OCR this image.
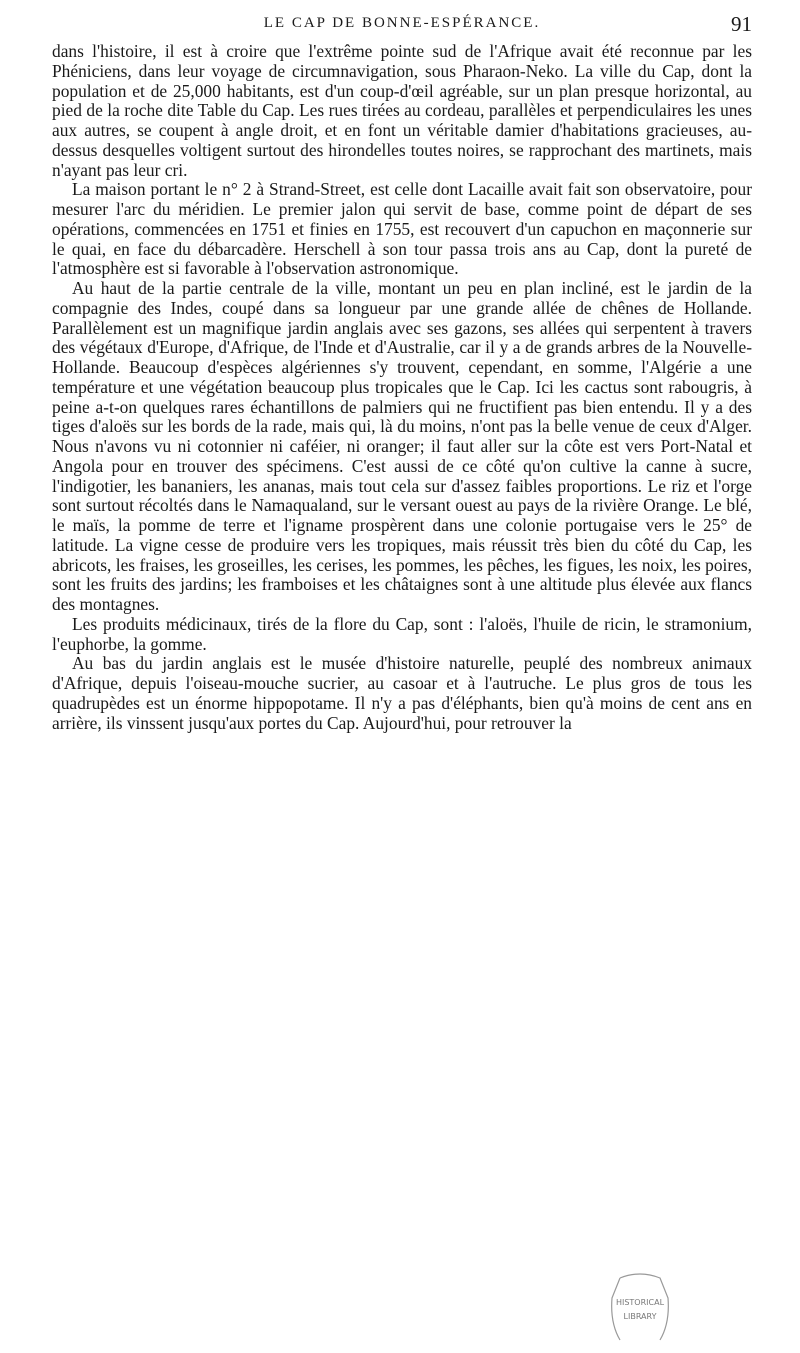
LE CAP DE BONNE-ESPÉRANCE.	91

dans l'histoire, il est à croire que l'extrême pointe sud de l'Afrique avait été reconnue par les Phéniciens, dans leur voyage de circumnavigation, sous Pharaon-Neko. La ville du Cap, dont la population et de 25,000 habitants, est d'un coup-d'œil agréable, sur un plan presque horizontal, au pied de la roche dite Table du Cap. Les rues tirées au cordeau, parallèles et perpendiculaires les unes aux autres, se coupent à angle droit, et en font un véritable damier d'habitations gracieuses, au-dessus desquelles voltigent surtout des hirondelles toutes noires, se rapprochant des martinets, mais n'ayant pas leur cri.

La maison portant le n° 2 à Strand-Street, est celle dont Lacaille avait fait son observatoire, pour mesurer l'arc du méridien. Le premier jalon qui servit de base, comme point de départ de ses opérations, commencées en 1751 et finies en 1755, est recouvert d'un capuchon en maçonnerie sur le quai, en face du débarcadère. Herschell à son tour passa trois ans au Cap, dont la pureté de l'atmosphère est si favorable à l'observation astronomique.

Au haut de la partie centrale de la ville, montant un peu en plan incliné, est le jardin de la compagnie des Indes, coupé dans sa longueur par une grande allée de chênes de Hollande. Parallèlement est un magnifique jardin anglais avec ses gazons, ses allées qui serpentent à travers des végétaux d'Europe, d'Afrique, de l'Inde et d'Australie, car il y a de grands arbres de la Nouvelle-Hollande. Beaucoup d'espèces algériennes s'y trouvent, cependant, en somme, l'Algérie a une température et une végétation beaucoup plus tropicales que le Cap. Ici les cactus sont rabougris, à peine a-t-on quelques rares échantillons de palmiers qui ne fructifient pas bien entendu. Il y a des tiges d'aloës sur les bords de la rade, mais qui, là du moins, n'ont pas la belle venue de ceux d'Alger. Nous n'avons vu ni cotonnier ni caféier, ni oranger; il faut aller sur la côte est vers Port-Natal et Angola pour en trouver des spécimens. C'est aussi de ce côté qu'on cultive la canne à sucre, l'indigotier, les bananiers, les ananas, mais tout cela sur d'assez faibles proportions. Le riz et l'orge sont surtout récoltés dans le Namaqualand, sur le versant ouest au pays de la rivière Orange. Le blé, le maïs, la pomme de terre et l'igname prospèrent dans une colonie portugaise vers le 25° de latitude. La vigne cesse de produire vers les tropiques, mais réussit très bien du côté du Cap, les abricots, les fraises, les groseilles, les cerises, les pommes, les pêches, les figues, les noix, les poires, sont les fruits des jardins; les framboises et les châtaignes sont à une altitude plus élevée aux flancs des montagnes.

Les produits médicinaux, tirés de la flore du Cap, sont : l'aloës, l'huile de ricin, le stramonium, l'euphorbe, la gomme.

Au bas du jardin anglais est le musée d'histoire naturelle, peuplé des nombreux animaux d'Afrique, depuis l'oiseau-mouche sucrier, au casoar et à l'autruche. Le plus gros de tous les quadrupèdes est un énorme hippopotame. Il n'y a pas d'éléphants, bien qu'à moins de cent ans en arrière, ils vinssent jusqu'aux portes du Cap. Aujourd'hui, pour retrouver la

HISTORICAL
LIBRARY
